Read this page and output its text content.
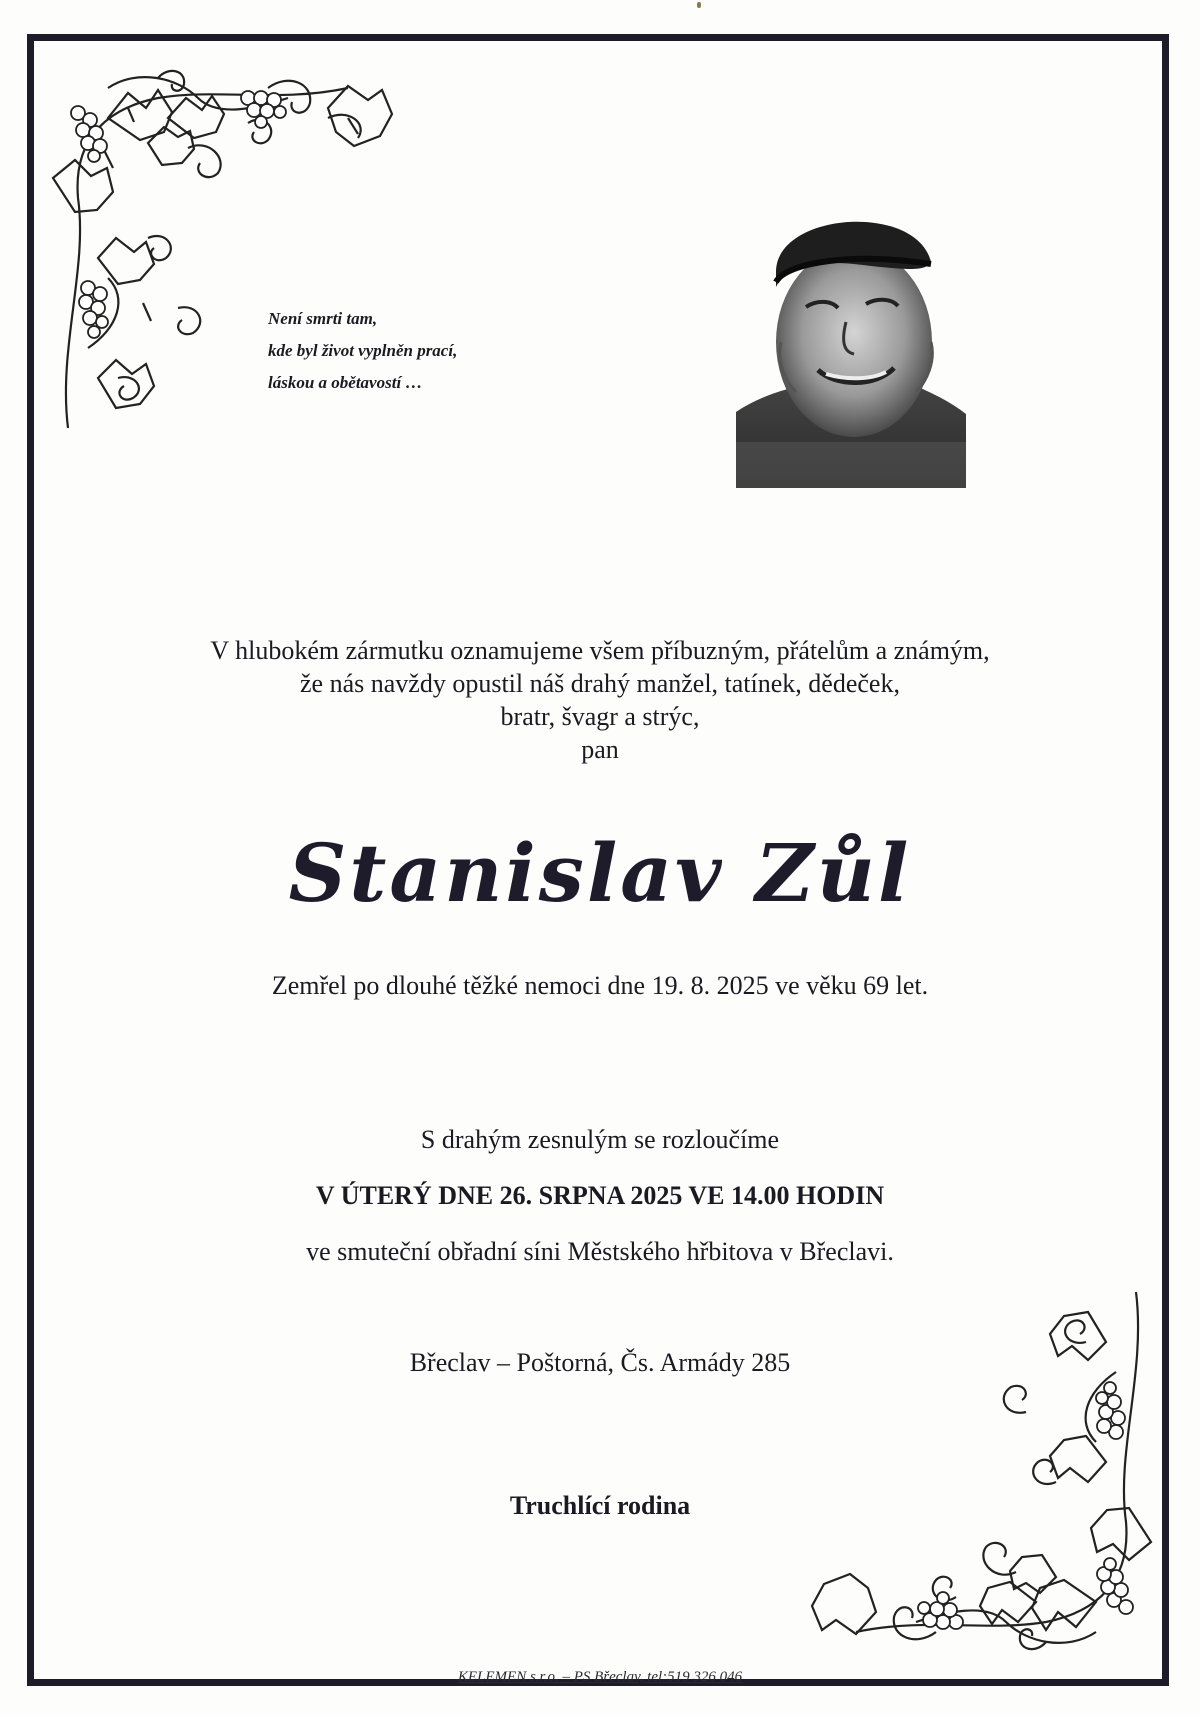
Není smrti tam,
kde byl život vyplněn prací,
láskou a obětavostí …
V hlubokém zármutku oznamujeme všem příbuzným, přátelům a známým,
že nás navždy opustil náš drahý manžel, tatínek, dědeček,
bratr, švagr a strýc,
pan
Stanislav Zůl
Zemřel po dlouhé těžké nemoci dne 19. 8. 2025 ve věku 69 let.
S drahým zesnulým se rozloučíme
V ÚTERÝ DNE 26. SRPNA 2025 VE 14.00 HODIN
ve smuteční obřadní síni Městského hřbitova v Břeclavi.
Břeclav – Poštorná, Čs. Armády 285
Truchlící rodina
KELEMEN s.r.o. – PS Břeclav, tel:519 326 046
